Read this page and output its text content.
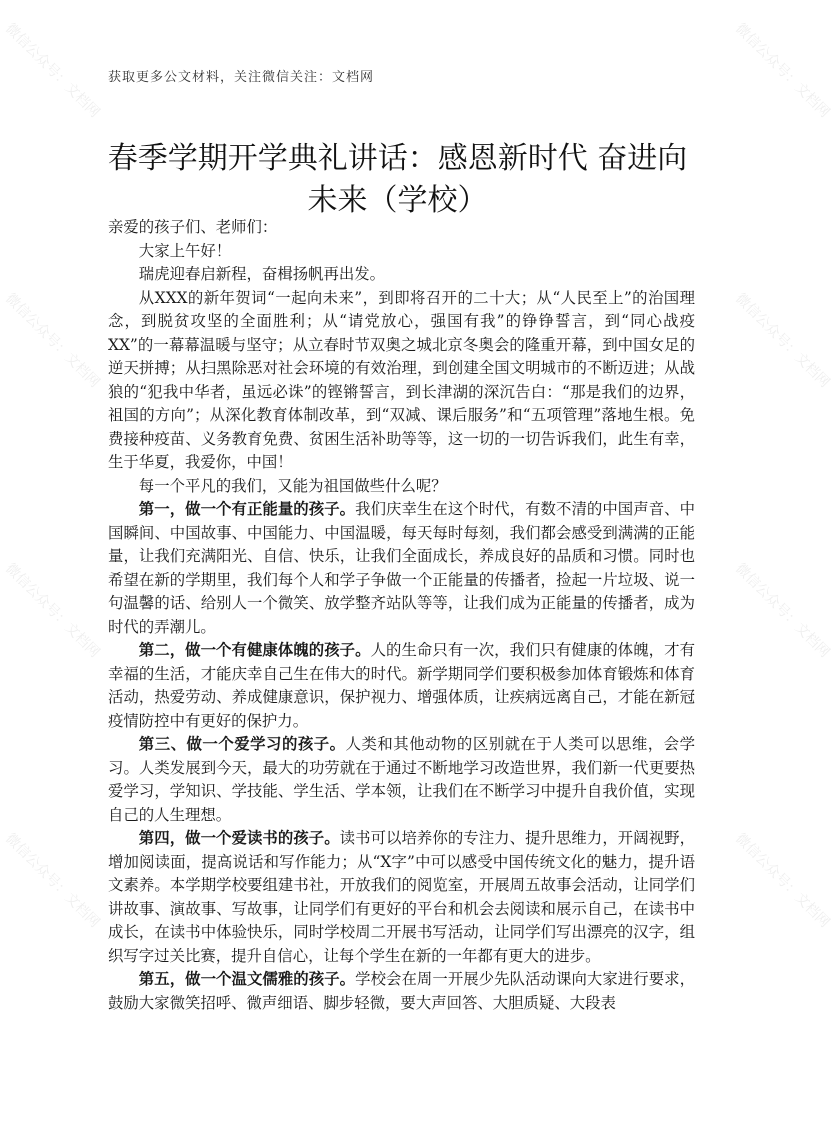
微信公众号：文档网	微信公众号：文档网
微信公众号：文档网	微信公众号：文档网
微信公众号：文档网	微信公众号：文档网
微信公众号：文档网	微信公众号：文档网
获取更多公文材料，关注微信关注：文档网
春季学期开学典礼讲话：感恩新时代 奋进向
未来（学校）

亲爱的孩子们、老师们：

大家上午好！

瑞虎迎春启新程，奋楫扬帆再出发。

从XXX的新年贺词“一起向未来”，到即将召开的二十大；从“人民至上”的治国理念，到脱贫攻坚的全面胜利；从“请党放心，强国有我”的铮铮誓言，到“同心战疫XX”的一幕幕温暖与坚守；从立春时节双奥之城北京冬奥会的隆重开幕，到中国女足的逆天拼搏；从扫黑除恶对社会环境的有效治理，到创建全国文明城市的不断迈进；从战狼的“犯我中华者，虽远必诛”的铿锵誓言，到长津湖的深沉告白：“那是我们的边界，祖国的方向”；从深化教育体制改革，到“双减、课后服务”和“五项管理”落地生根。免费接种疫苗、义务教育免费、贫困生活补助等等，这一切的一切告诉我们，此生有幸，生于华夏，我爱你，中国！

每一个平凡的我们，又能为祖国做些什么呢？

第一，做一个有正能量的孩子。我们庆幸生在这个时代，有数不清的中国声音、中国瞬间、中国故事、中国能力、中国温暖，每天每时每刻，我们都会感受到满满的正能量，让我们充满阳光、自信、快乐，让我们全面成长，养成良好的品质和习惯。同时也希望在新的学期里，我们每个人和学子争做一个正能量的传播者，捡起一片垃圾、说一句温馨的话、给别人一个微笑、放学整齐站队等等，让我们成为正能量的传播者，成为时代的弄潮儿。

第二，做一个有健康体魄的孩子。人的生命只有一次，我们只有健康的体魄，才有幸福的生活，才能庆幸自己生在伟大的时代。新学期同学们要积极参加体育锻炼和体育活动，热爱劳动、养成健康意识，保护视力、增强体质，让疾病远离自己，才能在新冠疫情防控中有更好的保护力。

第三、做一个爱学习的孩子。人类和其他动物的区别就在于人类可以思维，会学习。人类发展到今天，最大的功劳就在于通过不断地学习改造世界，我们新一代更要热爱学习，学知识、学技能、学生活、学本领，让我们在不断学习中提升自我价值，实现自己的人生理想。

第四，做一个爱读书的孩子。读书可以培养你的专注力、提升思维力，开阔视野，增加阅读面，提高说话和写作能力；从“X字”中可以感受中国传统文化的魅力，提升语文素养。本学期学校要组建书社，开放我们的阅览室，开展周五故事会活动，让同学们讲故事、演故事、写故事，让同学们有更好的平台和机会去阅读和展示自己，在读书中成长，在读书中体验快乐，同时学校周二开展书写活动，让同学们写出漂亮的汉字，组织写字过关比赛，提升自信心，让每个学生在新的一年都有更大的进步。

第五，做一个温文儒雅的孩子。学校会在周一开展少先队活动课向大家进行要求，鼓励大家微笑招呼、微声细语、脚步轻微，要大声回答、大胆质疑、大段表
